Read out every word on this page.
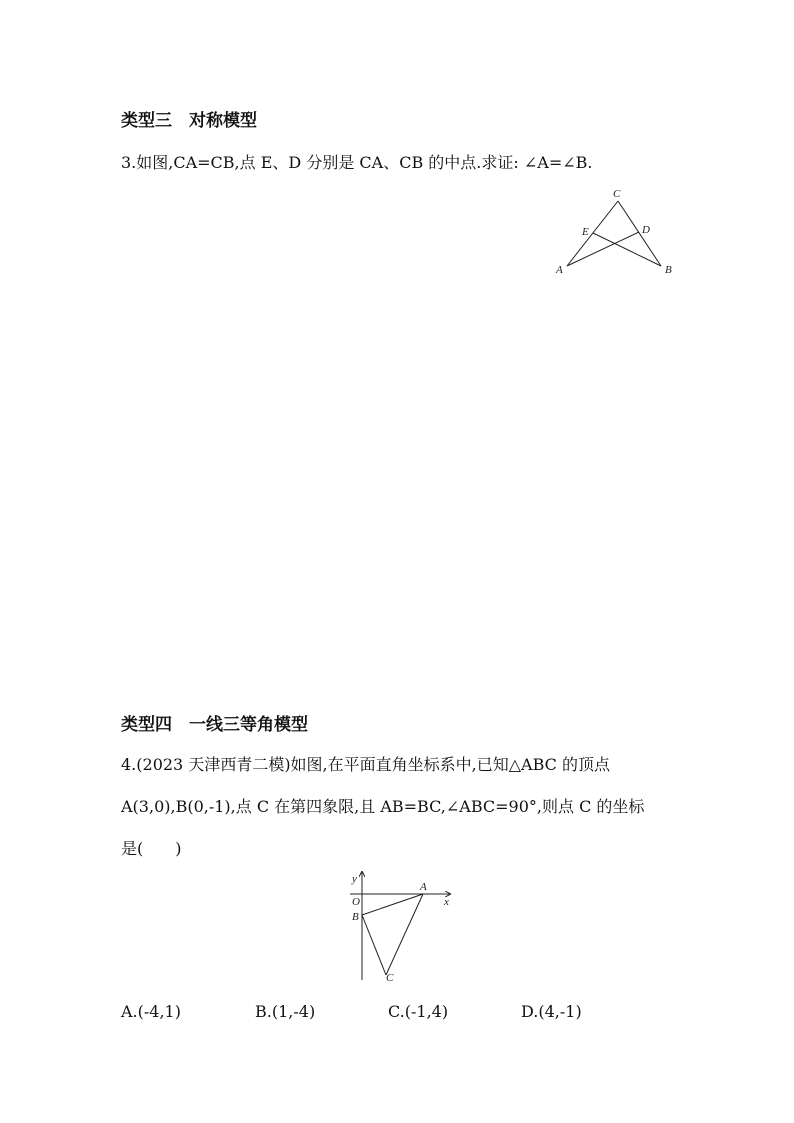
类型三　对称模型
3.如图,CA=CB,点 E、D 分别是 CA、CB 的中点.求证: ∠A=∠B.
C
E	D
A	B
类型四　一线三等角模型
4.(2023 天津西青二模)如图,在平面直角坐标系中,已知△ABC 的顶点
A(3,0),B(0,-1),点 C 在第四象限,且 AB=BC,∠ABC=90°,则点 C 的坐标
是(　　)
y
x
O
A
B
C
A.(-4,1)	B.(1,-4)	C.(-1,4)	D.(4,-1)
